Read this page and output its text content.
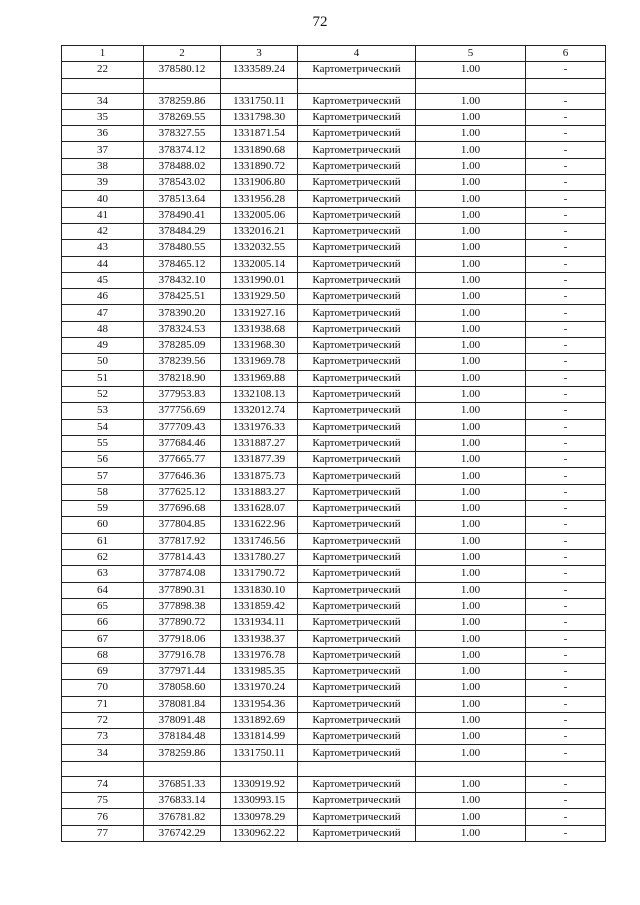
72
1	2	3	4	5	6
22	378580.12	1333589.24	Картометрический	1.00	-

34	378259.86	1331750.11	Картометрический	1.00	-
35	378269.55	1331798.30	Картометрический	1.00	-
36	378327.55	1331871.54	Картометрический	1.00	-
37	378374.12	1331890.68	Картометрический	1.00	-
38	378488.02	1331890.72	Картометрический	1.00	-
39	378543.02	1331906.80	Картометрический	1.00	-
40	378513.64	1331956.28	Картометрический	1.00	-
41	378490.41	1332005.06	Картометрический	1.00	-
42	378484.29	1332016.21	Картометрический	1.00	-
43	378480.55	1332032.55	Картометрический	1.00	-
44	378465.12	1332005.14	Картометрический	1.00	-
45	378432.10	1331990.01	Картометрический	1.00	-
46	378425.51	1331929.50	Картометрический	1.00	-
47	378390.20	1331927.16	Картометрический	1.00	-
48	378324.53	1331938.68	Картометрический	1.00	-
49	378285.09	1331968.30	Картометрический	1.00	-
50	378239.56	1331969.78	Картометрический	1.00	-
51	378218.90	1331969.88	Картометрический	1.00	-
52	377953.83	1332108.13	Картометрический	1.00	-
53	377756.69	1332012.74	Картометрический	1.00	-
54	377709.43	1331976.33	Картометрический	1.00	-
55	377684.46	1331887.27	Картометрический	1.00	-
56	377665.77	1331877.39	Картометрический	1.00	-
57	377646.36	1331875.73	Картометрический	1.00	-
58	377625.12	1331883.27	Картометрический	1.00	-
59	377696.68	1331628.07	Картометрический	1.00	-
60	377804.85	1331622.96	Картометрический	1.00	-
61	377817.92	1331746.56	Картометрический	1.00	-
62	377814.43	1331780.27	Картометрический	1.00	-
63	377874.08	1331790.72	Картометрический	1.00	-
64	377890.31	1331830.10	Картометрический	1.00	-
65	377898.38	1331859.42	Картометрический	1.00	-
66	377890.72	1331934.11	Картометрический	1.00	-
67	377918.06	1331938.37	Картометрический	1.00	-
68	377916.78	1331976.78	Картометрический	1.00	-
69	377971.44	1331985.35	Картометрический	1.00	-
70	378058.60	1331970.24	Картометрический	1.00	-
71	378081.84	1331954.36	Картометрический	1.00	-
72	378091.48	1331892.69	Картометрический	1.00	-
73	378184.48	1331814.99	Картометрический	1.00	-
34	378259.86	1331750.11	Картометрический	1.00	-

74	376851.33	1330919.92	Картометрический	1.00	-
75	376833.14	1330993.15	Картометрический	1.00	-
76	376781.82	1330978.29	Картометрический	1.00	-
77	376742.29	1330962.22	Картометрический	1.00	-
